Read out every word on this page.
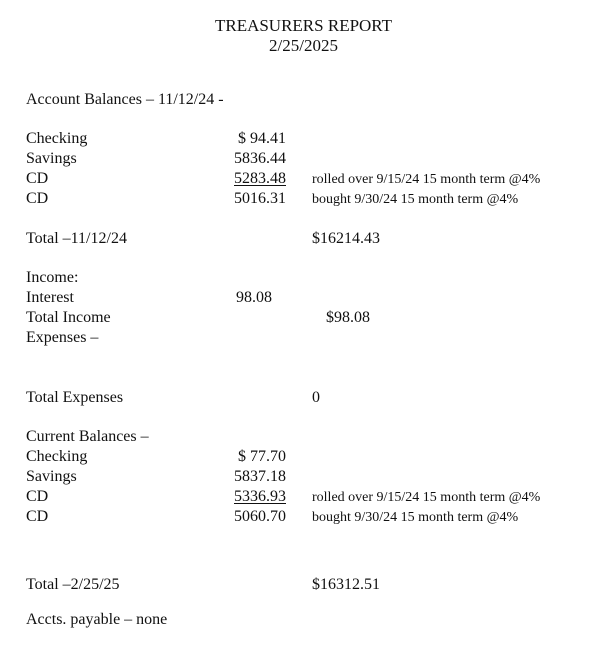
TREASURERS REPORT
2/25/2025
Account Balances – 11/12/24 -
Checking	$ 94.41
Savings	5836.44
CD	5283.48 rolled over 9/15/24 15 month term @4%
CD	5016.31 bought 9/30/24 15 month term @4%
Total –11/12/24	$16214.43
Income:
Interest	98.08
Total Income	$98.08
Expenses –
Total Expenses	0
Current Balances –
Checking	$ 77.70
Savings	5837.18
CD	5336.93 rolled over 9/15/24 15 month term @4%
CD	5060.70 bought 9/30/24 15 month term @4%
Total –2/25/25	$16312.51
Accts. payable – none
